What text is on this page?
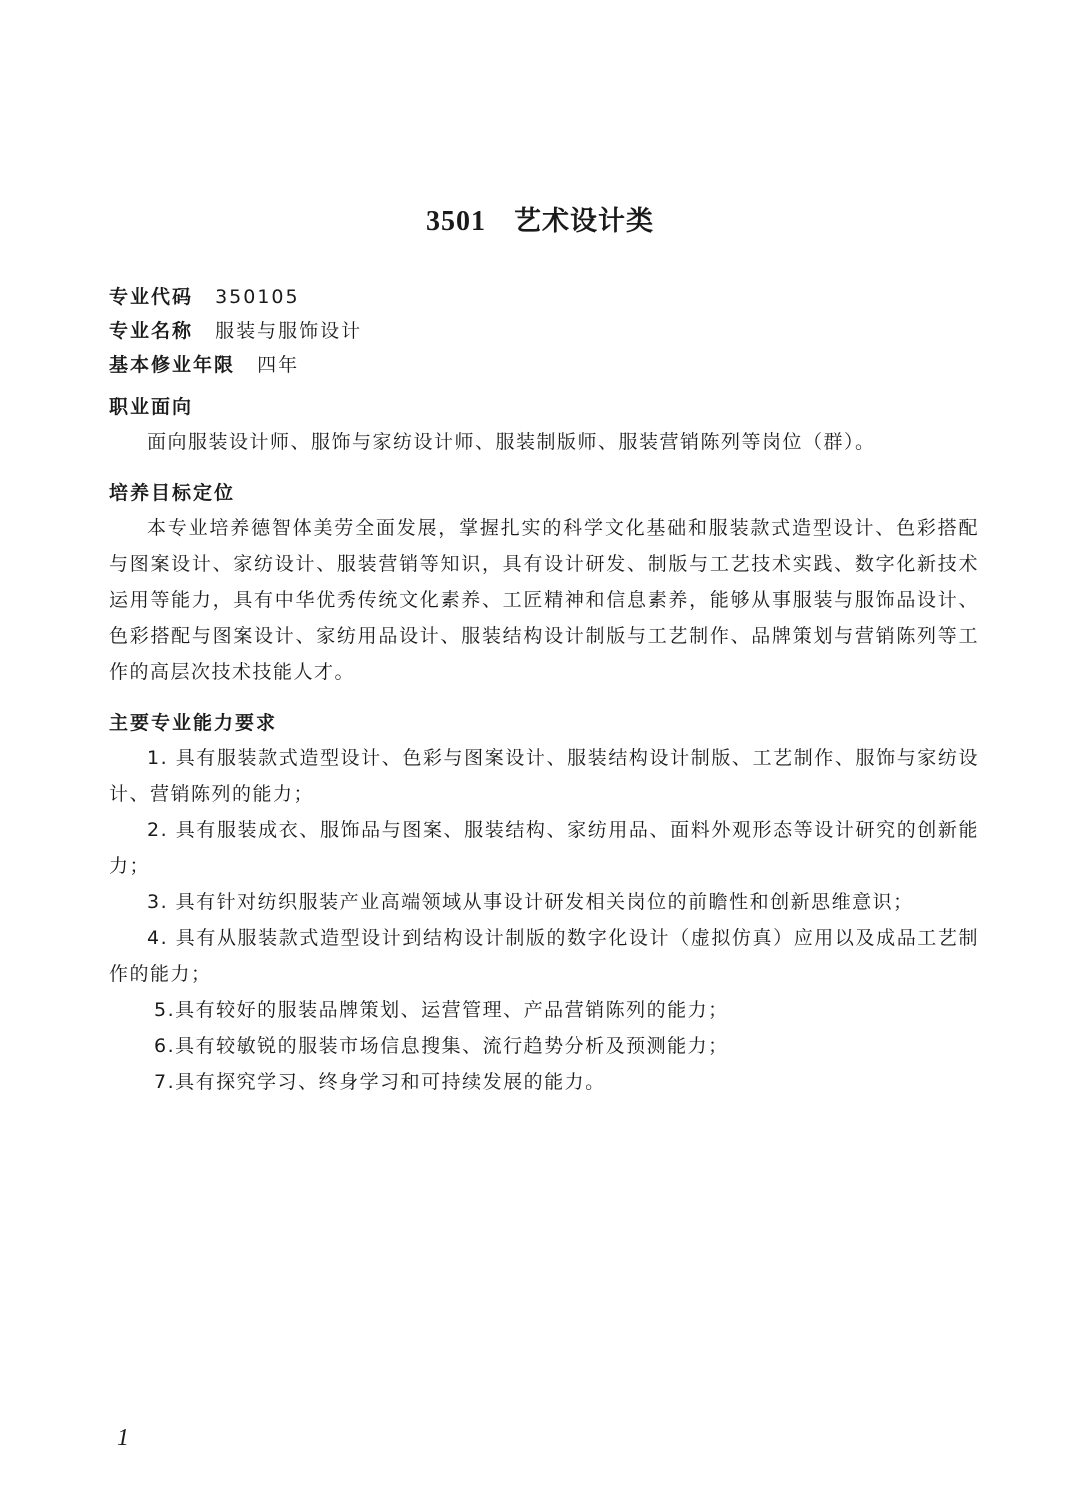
3501 艺术设计类
专业代码 350105
专业名称 服装与服饰设计
基本修业年限 四年
职业面向

面向服装设计师、服饰与家纺设计师、服装制版师、服装营销陈列等岗位（群）。

培养目标定位

本专业培养德智体美劳全面发展，掌握扎实的科学文化基础和服装款式造型设计、色彩搭配与图案设计、家纺设计、服装营销等知识，具有设计研发、制版与工艺技术实践、数字化新技术运用等能力，具有中华优秀传统文化素养、工匠精神和信息素养，能够从事服装与服饰品设计、色彩搭配与图案设计、家纺用品设计、服装结构设计制版与工艺制作、品牌策划与营销陈列等工作的高层次技术技能人才。

主要专业能力要求

1. 具有服装款式造型设计、色彩与图案设计、服装结构设计制版、工艺制作、服饰与家纺设计、营销陈列的能力；

2. 具有服装成衣、服饰品与图案、服装结构、家纺用品、面料外观形态等设计研究的创新能力；

3. 具有针对纺织服装产业高端领域从事设计研发相关岗位的前瞻性和创新思维意识；

4. 具有从服装款式造型设计到结构设计制版的数字化设计（虚拟仿真）应用以及成品工艺制作的能力；

5.具有较好的服装品牌策划、运营管理、产品营销陈列的能力；

6.具有较敏锐的服装市场信息搜集、流行趋势分析及预测能力；

7.具有探究学习、终身学习和可持续发展的能力。

1
